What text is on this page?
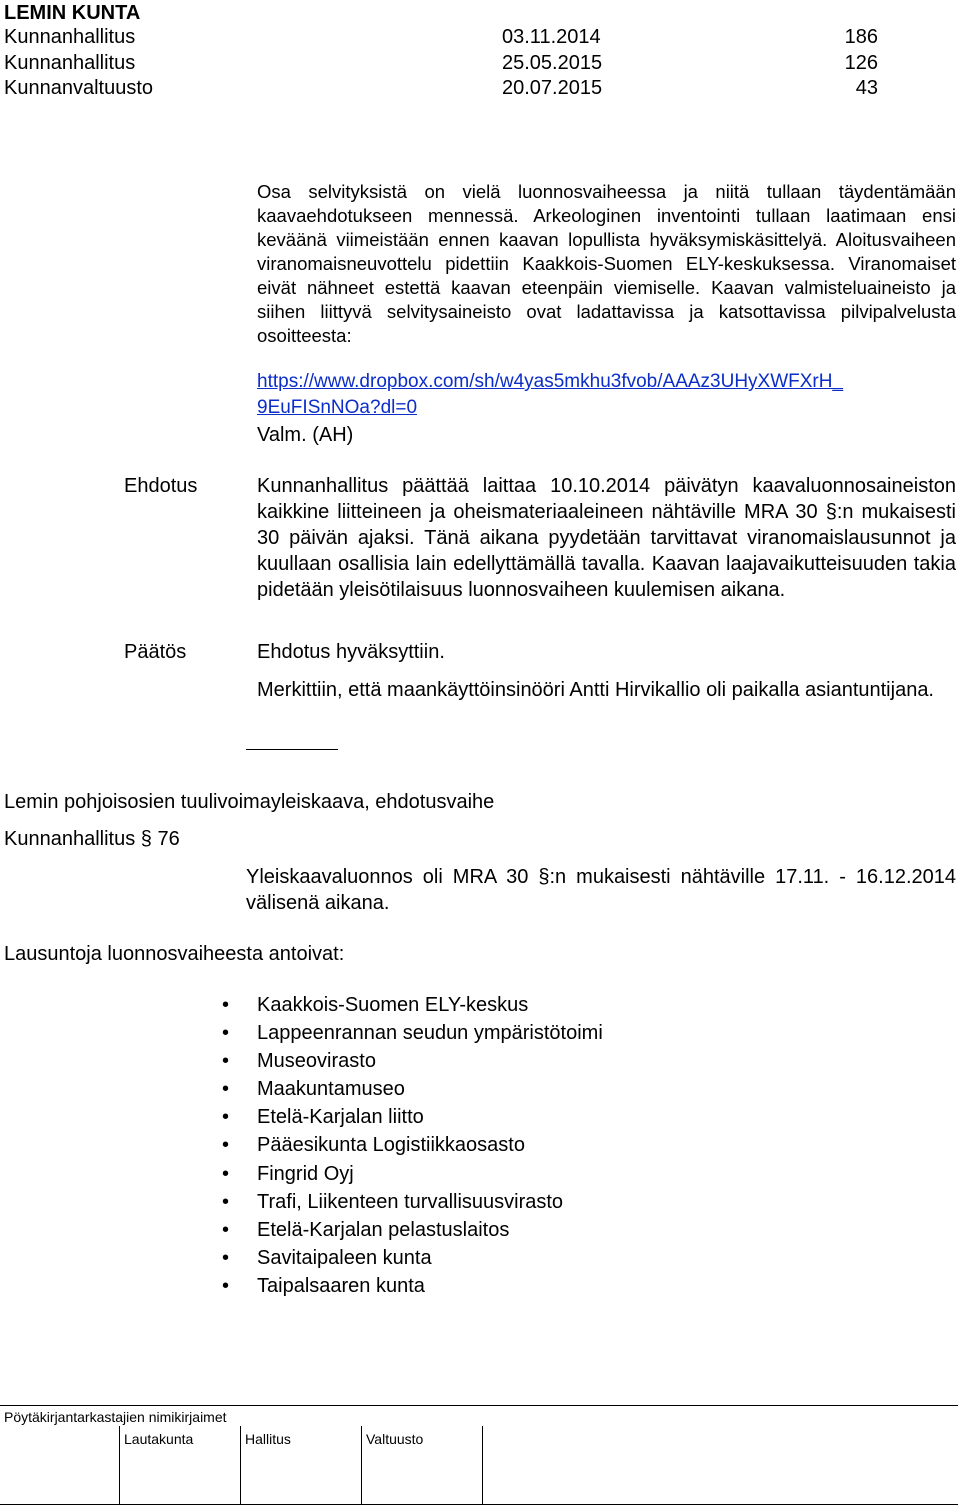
LEMIN KUNTA
Kunnanhallitus	03.11.2014	186
Kunnanhallitus	25.05.2015	126
Kunnanvaltuusto	20.07.2015	43
Osa selvityksistä on vielä luonnosvaiheessa ja niitä tullaan täydentämään kaavaehdotukseen mennessä. Arkeologinen inventointi tullaan laatimaan ensi keväänä viimeistään ennen kaavan lopullista hyväksymiskäsittelyä. Aloitusvaiheen viranomaisneuvottelu pidettiin Kaakkois-Suomen ELY-keskuksessa. Viranomaiset eivät nähneet estettä kaavan eteenpäin viemiselle. Kaavan valmisteluaineisto ja siihen liittyvä selvitysaineisto ovat ladattavissa ja katsottavissa pilvipalvelusta osoitteesta:
https://www.dropbox.com/sh/w4yas5mkhu3fvob/AAAz3UHyXWFXrH_
9EuFISnNOa?dl=0
Valm. (AH)
Ehdotus	Kunnanhallitus päättää laittaa 10.10.2014 päivätyn kaavaluonnosaineiston kaikkine liitteineen ja oheismateriaaleineen nähtäville MRA 30 §:n mukaisesti 30 päivän ajaksi. Tänä aikana pyydetään tarvittavat viranomaislausunnot ja kuullaan osallisia lain edellyttämällä tavalla. Kaavan laajavaikutteisuuden takia pidetään yleisötilaisuus luonnosvaiheen kuulemisen aikana.
Päätös	Ehdotus hyväksyttiin.
Merkittiin, että maankäyttöinsinööri Antti Hirvikallio oli paikalla asiantuntijana.
Lemin pohjoisosien tuulivoimayleiskaava, ehdotusvaihe
Kunnanhallitus § 76
Yleiskaavaluonnos oli MRA 30 §:n mukaisesti nähtäville 17.11. - 16.12.2014 välisenä aikana.
Lausuntoja luonnosvaiheesta antoivat:
• Kaakkois-Suomen ELY-keskus
• Lappeenrannan seudun ympäristötoimi
• Museovirasto
• Maakuntamuseo
• Etelä-Karjalan liitto
• Pääesikunta Logistiikkaosasto
• Fingrid Oyj
• Trafi, Liikenteen turvallisuusvirasto
• Etelä-Karjalan pelastuslaitos
• Savitaipaleen kunta
• Taipalsaaren kunta
Pöytäkirjantarkastajien nimikirjaimet
Lautakunta	Hallitus	Valtuusto
